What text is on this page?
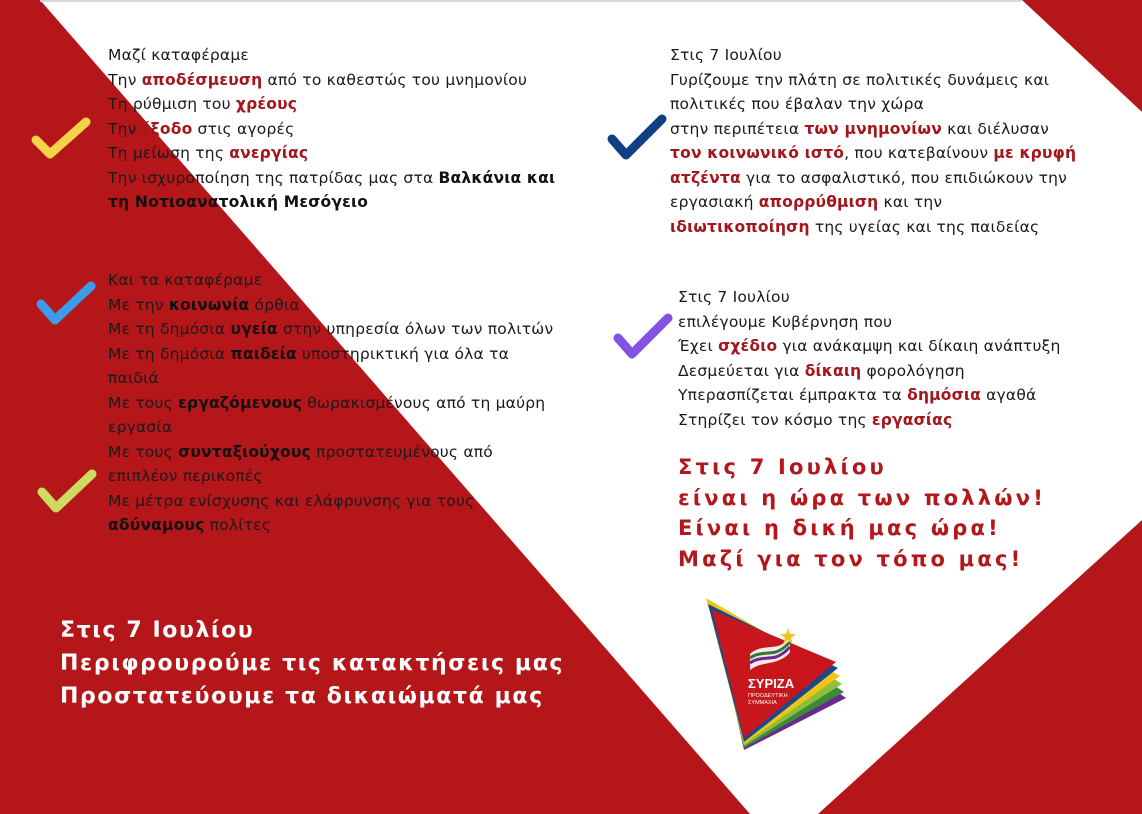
Μαζί καταφέραμε

Την αποδέσμευση από το καθεστώς του μνημονίου

Τη ρύθμιση του χρέους

Την έξοδο στις αγορές

Τη μείωση της ανεργίας

Την ισχυροποίηση της πατρίδας μας στα Βαλκάνια και

τη Νοτιοανατολική Μεσόγειο

Και τα καταφέραμε

Με την κοινωνία όρθια

Με τη δημόσια υγεία στην υπηρεσία όλων των πολιτών

Με τη δημόσια παιδεία υποστηρικτική για όλα τα

παιδιά

Με τους εργαζόμενους θωρακισμένους από τη μαύρη

εργασία

Με τους συνταξιούχους προστατευμένους από

επιπλέον περικοπές

Με μέτρα ενίσχυσης και ελάφρυνσης για τους

αδύναμους πολίτες

Στις 7 Ιουλίου

Γυρίζουμε την πλάτη σε πολιτικές δυνάμεις και

πολιτικές που έβαλαν την χώρα

στην περιπέτεια των μνημονίων και διέλυσαν

τον κοινωνικό ιστό, που κατεβαίνουν με κρυφή

ατζέντα για το ασφαλιστικό, που επιδιώκουν την

εργασιακή απορρύθμιση και την

ιδιωτικοποίηση της υγείας και της παιδείας

Στις 7 Ιουλίου

επιλέγουμε Κυβέρνηση που

Έχει σχέδιο για ανάκαμψη και δίκαιη ανάπτυξη

Δεσμεύεται για δίκαιη φορολόγηση

Υπερασπίζεται έμπρακτα τα δημόσια αγαθά

Στηρίζει τον κόσμο της εργασίας

Στις 7 Ιουλίου

είναι η ώρα των πολλών!

Είναι η δική μας ώρα!

Μαζί για τον τόπο μας!

Στις 7 Ιουλίου

Περιφρουρούμε τις κατακτήσεις μας

Προστατεύουμε τα δικαιώματά μας

ΣΥΡΙΖΑ
ΠΡΟΟΔΕΥΤΙΚΗ
ΣΥΜΜΑΧΙΑ
